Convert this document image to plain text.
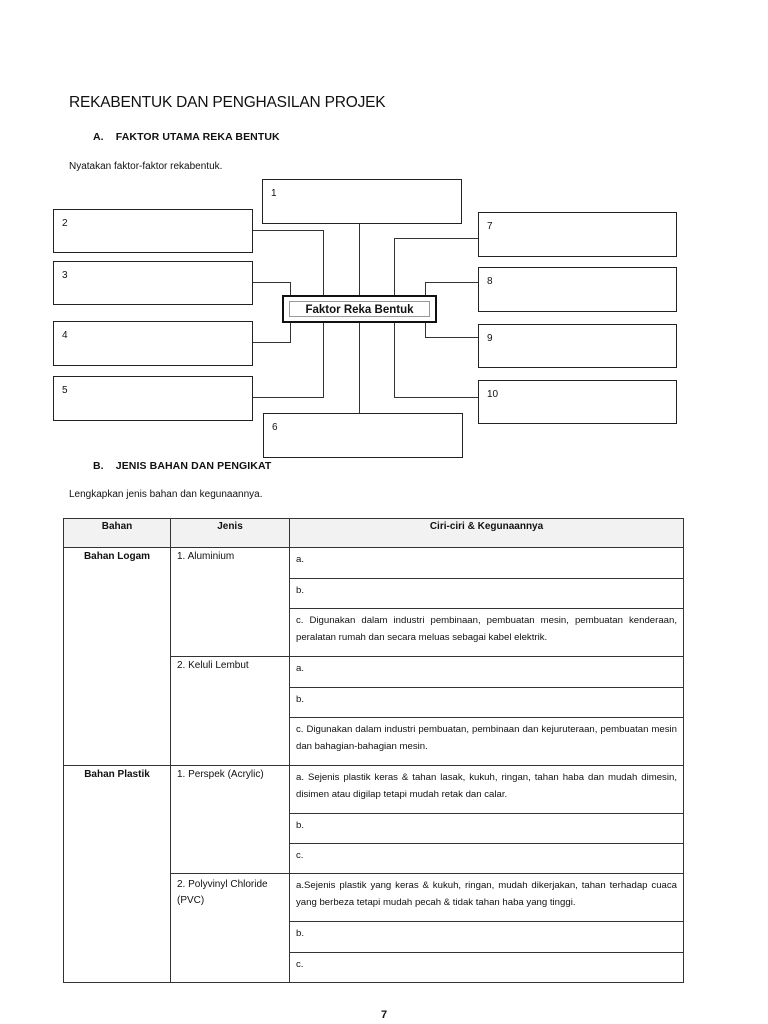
REKABENTUK DAN PENGHASILAN PROJEK
A.    FAKTOR UTAMA REKA BENTUK
Nyatakan faktor-faktor rekabentuk.
1
2
3
4
5
6
7
8
9
10
Faktor Reka Bentuk
B.    JENIS BAHAN DAN PENGIKAT
Lengkapkan jenis bahan dan kegunaannya.
Bahan	Jenis	Ciri-ciri & Kegunaannya
Bahan Logam	1. Aluminium	a.
		b.
		c. Digunakan dalam industri pembinaan, pembuatan mesin, pembuatan kenderaan, peralatan rumah dan secara meluas sebagai kabel elektrik.
	2. Keluli Lembut	a.
		b.
		c. Digunakan dalam industri pembuatan, pembinaan dan kejuruteraan, pembuatan mesin dan bahagian-bahagian mesin.
Bahan Plastik	1. Perspek (Acrylic)	a. Sejenis plastik keras & tahan lasak, kukuh, ringan, tahan haba dan mudah dimesin, disimen atau digilap tetapi mudah retak dan calar.
		b.
		c.
	2. Polyvinyl Chloride (PVC)	a.Sejenis plastik yang keras & kukuh, ringan, mudah dikerjakan, tahan terhadap cuaca yang berbeza tetapi mudah pecah & tidak tahan haba yang tinggi.
		b.
		c.
7
